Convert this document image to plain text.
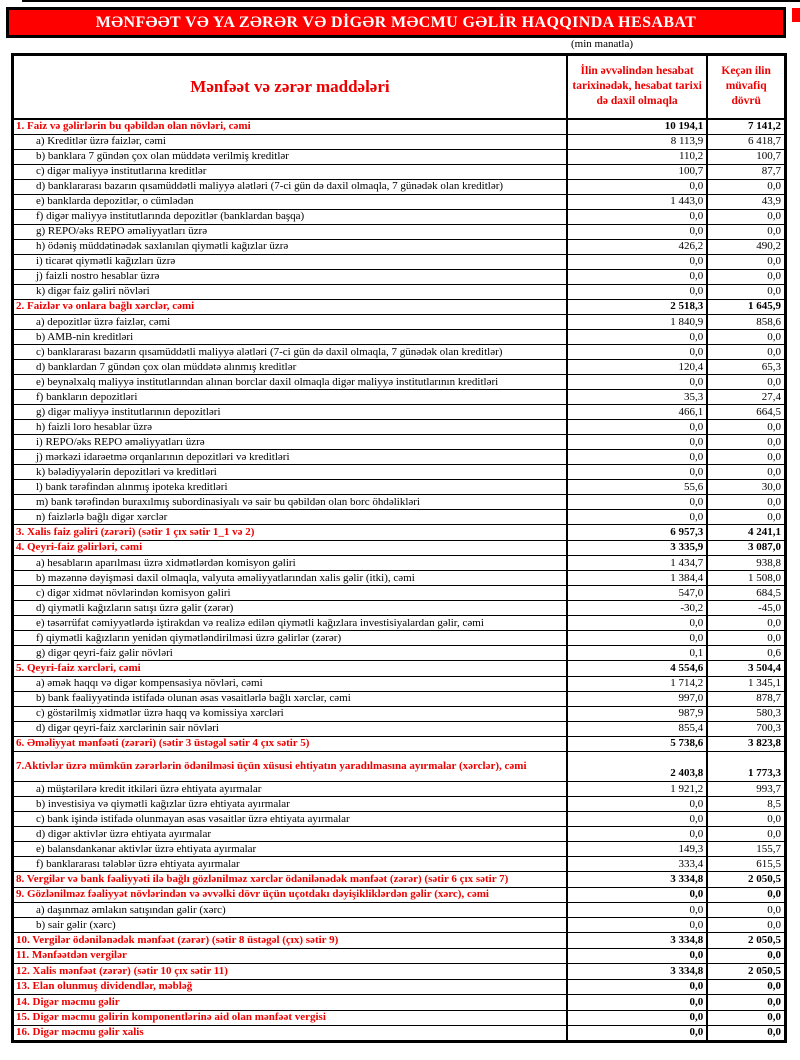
MƏNFƏƏT VƏ YA ZƏRƏR VƏ DİGƏR MƏCMU GƏLİR HAQQINDA HESABAT
(min manatla)
Mənfəət və zərər maddələri	İlin əvvəlindən hesabat tarixinədək, hesabat tarixi də daxil olmaqla	Keçən ilin müvafiq dövrü
1. Faiz və gəlirlərin bu qəbildən olan növləri, cəmi	10 194,1	7 141,2
a) Kreditlər üzrə faizlər, cəmi	8 113,9	6 418,7
b) banklara 7 gündən çox olan müddətə verilmiş kreditlər	110,2	100,7
c) digər maliyyə institutlarına kreditlər	100,7	87,7
d) banklararası bazarın qısamüddətli maliyyə alətləri (7-ci gün də daxil olmaqla, 7 günədək olan kreditlər)	0,0	0,0
e) banklarda depozitlər, o cümlədən	1 443,0	43,9
f) digər maliyyə institutlarında depozitlər (banklardan başqa)	0,0	0,0
g) REPO/əks REPO əməliyyatları üzrə	0,0	0,0
h) ödəniş müddətinədək saxlanılan qiymətli kağızlar üzrə	426,2	490,2
i) ticarət qiymətli kağızları üzrə	0,0	0,0
j) faizli nostro hesablar üzrə	0,0	0,0
k) digər faiz gəliri növləri	0,0	0,0
2. Faizlər və onlara bağlı xərclər, cəmi	2 518,3	1 645,9
a) depozitlər üzrə faizlər, cəmi	1 840,9	858,6
b) AMB-nin kreditləri	0,0	0,0
c) banklararası bazarın qısamüddətli maliyyə alətləri (7-ci gün də daxil olmaqla, 7 günədək olan kreditlər)	0,0	0,0
d) banklardan 7 gündən çox olan müddətə alınmış kreditlər	120,4	65,3
e) beynəlxalq maliyyə institutlarından alınan borclar daxil olmaqla digər maliyyə institutlarının kreditləri	0,0	0,0
f) bankların depozitləri	35,3	27,4
g) digər maliyyə institutlarının depozitləri	466,1	664,5
h) faizli loro hesablar üzrə	0,0	0,0
i) REPO/əks REPO əməliyyatları üzrə	0,0	0,0
j) mərkəzi idarəetmə orqanlarının depozitləri və kreditləri	0,0	0,0
k) bələdiyyələrin depozitləri və kreditləri	0,0	0,0
l) bank tərəfindən alınmış ipoteka kreditləri	55,6	30,0
m) bank tərəfindən buraxılmış subordinasiyalı və sair bu qəbildən olan borc öhdəlikləri	0,0	0,0
n) faizlərlə bağlı digər xərclər	0,0	0,0
3. Xalis faiz gəliri (zərəri) (sətir 1 çıx sətir 1_1 və 2)	6 957,3	4 241,1
4. Qeyri-faiz gəlirləri, cəmi	3 335,9	3 087,0
a) hesabların aparılması üzrə xidmətlərdən komisyon gəliri	1 434,7	938,8
b) məzənnə dəyişməsi daxil olmaqla, valyuta əməliyyatlarından xalis gəlir (itki), cəmi	1 384,4	1 508,0
c) digər xidmət növlərindən komisyon gəliri	547,0	684,5
d) qiymətli kağızların satışı üzrə gəlir (zərər)	-30,2	-45,0
e) təsərrüfat cəmiyyətlərdə iştirakdan və realizə edilən qiymətli kağızlara investisiyalardan gəlir, cəmi	0,0	0,0
f) qiymətli kağızların yenidən qiymətləndirilməsi üzrə gəlirlər (zərər)	0,0	0,0
g) digər qeyri-faiz gəlir növləri	0,1	0,6
5. Qeyri-faiz xərcləri, cəmi	4 554,6	3 504,4
a) əmək haqqı və digər kompensasiya növləri, cəmi	1 714,2	1 345,1
b) bank fəaliyyətində istifadə olunan əsas vəsaitlərlə bağlı xərclər, cəmi	997,0	878,7
c) göstərilmiş xidmətlər üzrə haqq və komissiya xərcləri	987,9	580,3
d) digər qeyri-faiz xərclərinin sair növləri	855,4	700,3
6. Əməliyyat mənfəəti (zərəri) (sətir 3 üstəgəl sətir 4 çıx sətir 5)	5 738,6	3 823,8
7.Aktivlər üzrə mümkün zərərlərin ödənilməsi üçün xüsusi ehtiyatın yaradılmasına ayırmalar (xərclər), cəmi	2 403,8	1 773,3
a) müştərilərə kredit itkiləri üzrə ehtiyata ayırmalar	1 921,2	993,7
b) investisiya və qiymətli kağızlar üzrə ehtiyata ayırmalar	0,0	8,5
c) bank işində istifadə olunmayan əsas vəsaitlər üzrə ehtiyata ayırmalar	0,0	0,0
d) digər aktivlər üzrə ehtiyata ayırmalar	0,0	0,0
e) balansdankənar aktivlər üzrə ehtiyata ayırmalar	149,3	155,7
f) banklararası tələblər üzrə ehtiyata ayırmalar	333,4	615,5
8. Vergilər və bank fəaliyyəti ilə bağlı gözlənilməz xərclər ödənilənədək mənfəət (zərər) (sətir 6 çıx sətir 7)	3 334,8	2 050,5
9. Gözlənilməz fəaliyyət növlərindən və əvvəlki dövr üçün uçotdakı dəyişikliklərdən gəlir (xərc), cəmi	0,0	0,0
a) daşınmaz əmlakın satışından gəlir (xərc)	0,0	0,0
b) sair gəlir (xərc)	0,0	0,0
10. Vergilər ödənilənədək mənfəət (zərər) (sətir 8 üstəgəl (çıx) sətir 9)	3 334,8	2 050,5
11. Mənfəətdən vergilər	0,0	0,0
12. Xalis mənfəət (zərər) (sətir 10 çıx sətir 11)	3 334,8	2 050,5
13. Elan olunmuş dividendlər, məbləğ	0,0	0,0
14. Digər məcmu gəlir	0,0	0,0
15. Digər məcmu gəlirin komponentlərinə aid olan mənfəət vergisi	0,0	0,0
16. Digər məcmu gəlir xalis	0,0	0,0
